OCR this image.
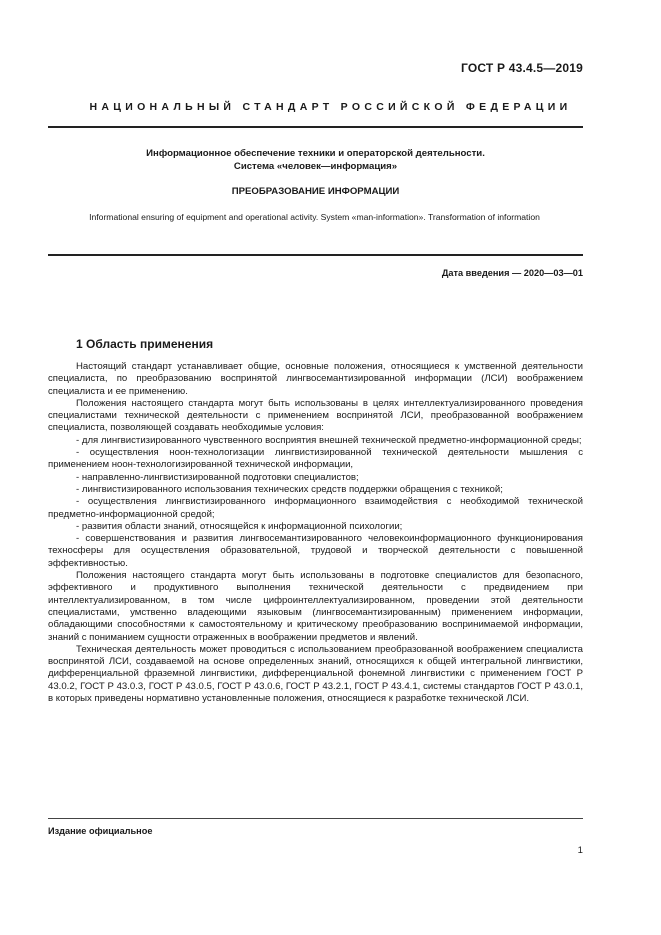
ГОСТ Р 43.4.5—2019
НАЦИОНАЛЬНЫЙ СТАНДАРТ РОССИЙСКОЙ ФЕДЕРАЦИИ
Информационное обеспечение техники и операторской деятельности.
Система «человек—информация»
ПРЕОБРАЗОВАНИЕ ИНФОРМАЦИИ
Informational ensuring of equipment and operational activity. System «man-information». Transformation of information
Дата введения — 2020—03—01
1 Область применения

Настоящий стандарт устанавливает общие, основные положения, относящиеся к умственной деятельности специалиста, по преобразованию воспринятой лингвосемантизированной информации (ЛСИ) воображением специалиста и ее применению.

Положения настоящего стандарта могут быть использованы в целях интеллектуализированного проведения специалистами технической деятельности с применением воспринятой ЛСИ, преобразованной воображением специалиста, позволяющей создавать необходимые условия:

- для лингвистизированного чувственного восприятия внешней технической предметно-информационной среды;

- осуществления ноон-технологизации лингвистизированной технической деятельности мышления с применением ноон-технологизированной технической информации,

- направленно-лингвистизированной подготовки специалистов;

- лингвистизированного использования технических средств поддержки обращения с техникой;

- осуществления лингвистизированного информационного взаимодействия с необходимой технической предметно-информационной средой;

- развития области знаний, относящейся к информационной психологии;

- совершенствования и развития лингвосемантизированного человекоинформационного функционирования техносферы для осуществления образовательной, трудовой и творческой деятельности с повышенной эффективностью.

Положения настоящего стандарта могут быть использованы в подготовке специалистов для безопасного, эффективного и продуктивного выполнения технической деятельности с предвидением при интеллектуализированном, в том числе цифроинтеллектуализированном, проведении этой деятельности специалистами, умственно владеющими языковым (лингвосемантизированным) применением информации, обладающими способностями к самостоятельному и критическому преобразованию воспринимаемой информации, знаний с пониманием сущности отраженных в воображении предметов и явлений.

Техническая деятельность может проводиться с использованием преобразованной воображением специалиста воспринятой ЛСИ, создаваемой на основе определенных знаний, относящихся к общей интегральной лингвистики, дифференциальной фраземной лингвистики, дифференциальной фонемной лингвистики с применением ГОСТ Р 43.0.2, ГОСТ Р 43.0.3, ГОСТ Р 43.0.5, ГОСТ Р 43.0.6, ГОСТ Р 43.2.1, ГОСТ Р 43.4.1, системы стандартов ГОСТ Р 43.0.1, в которых приведены нормативно установленные положения, относящиеся к разработке технической ЛСИ.

Издание официальное
1
